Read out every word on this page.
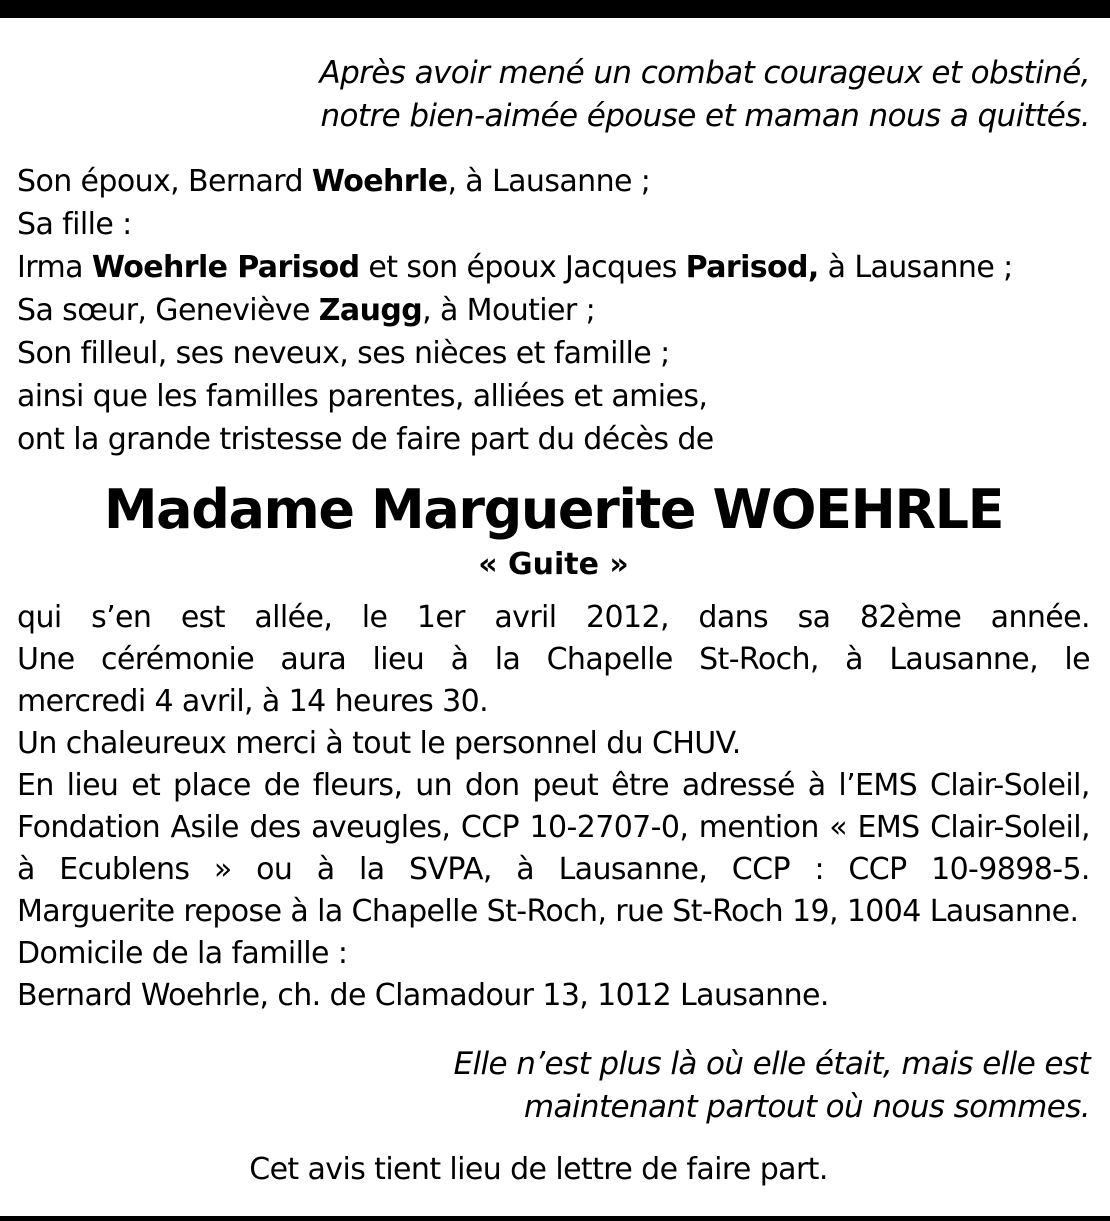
Après avoir mené un combat courageux et obstiné,
notre bien-aimée épouse et maman nous a quittés.
Son époux, Bernard Woehrle, à Lausanne ;
Sa fille :
Irma Woehrle Parisod et son époux Jacques Parisod, à Lausanne ;
Sa sœur, Geneviève Zaugg, à Moutier ;
Son filleul, ses neveux, ses nièces et famille ;
ainsi que les familles parentes, alliées et amies,
ont la grande tristesse de faire part du décès de
Madame Marguerite WOEHRLE
« Guite »
qui s’en est allée, le 1er avril 2012, dans sa 82ème année.
Une cérémonie aura lieu à la Chapelle St-Roch, à Lausanne, le
mercredi 4 avril, à 14 heures 30.
Un chaleureux merci à tout le personnel du CHUV.
En lieu et place de fleurs, un don peut être adressé à l’EMS Clair-Soleil,
Fondation Asile des aveugles, CCP 10-2707-0, mention « EMS Clair-Soleil,
à Ecublens » ou à la SVPA, à Lausanne, CCP : CCP 10-9898-5.
Marguerite repose à la Chapelle St-Roch, rue St-Roch 19, 1004 Lausanne.
Domicile de la famille :
Bernard Woehrle, ch. de Clamadour 13, 1012 Lausanne.
Elle n’est plus là où elle était, mais elle est
maintenant partout où nous sommes.
Cet avis tient lieu de lettre de faire part.
